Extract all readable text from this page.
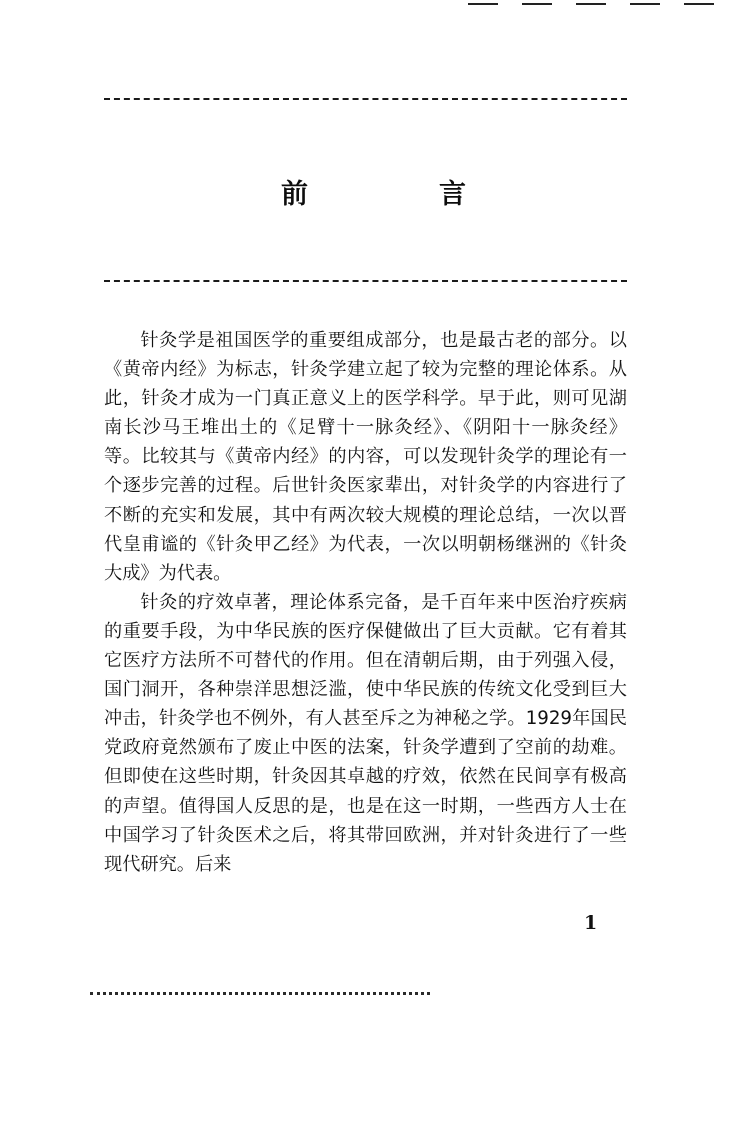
前　言

针灸学是祖国医学的重要组成部分，也是最古老的部分。以《黄帝内经》为标志，针灸学建立起了较为完整的理论体系。从此，针灸才成为一门真正意义上的医学科学。早于此，则可见湖南长沙马王堆出土的《足臂十一脉灸经》、《阴阳十一脉灸经》等。比较其与《黄帝内经》的内容，可以发现针灸学的理论有一个逐步完善的过程。后世针灸医家辈出，对针灸学的内容进行了不断的充实和发展，其中有两次较大规模的理论总结，一次以晋代皇甫谧的《针灸甲乙经》为代表，一次以明朝杨继洲的《针灸大成》为代表。

针灸的疗效卓著，理论体系完备，是千百年来中医治疗疾病的重要手段，为中华民族的医疗保健做出了巨大贡献。它有着其它医疗方法所不可替代的作用。但在清朝后期，由于列强入侵，国门洞开，各种崇洋思想泛滥，使中华民族的传统文化受到巨大冲击，针灸学也不例外，有人甚至斥之为神秘之学。1929年国民党政府竟然颁布了废止中医的法案，针灸学遭到了空前的劫难。但即使在这些时期，针灸因其卓越的疗效，依然在民间享有极高的声望。值得国人反思的是，也是在这一时期，一些西方人士在中国学习了针灸医术之后，将其带回欧洲，并对针灸进行了一些现代研究。后来

1
